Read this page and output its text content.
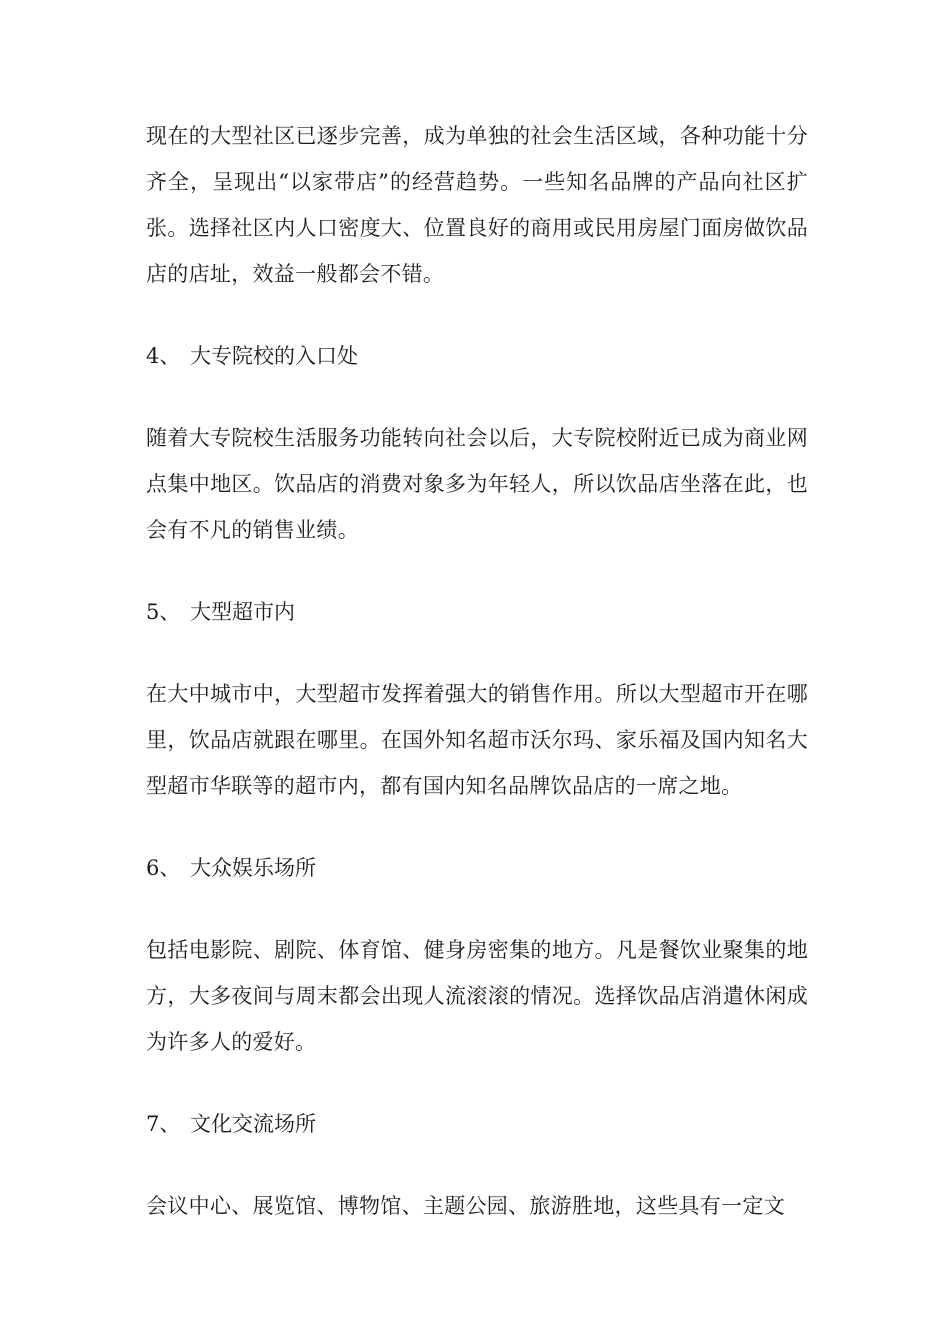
现在的大型社区已逐步完善，成为单独的社会生活区域，各种功能十分齐全，呈现出“以家带店”的经营趋势。一些知名品牌的产品向社区扩张。选择社区内人口密度大、位置良好的商用或民用房屋门面房做饮品店的店址，效益一般都会不错。

4、 大专院校的入口处

随着大专院校生活服务功能转向社会以后，大专院校附近已成为商业网点集中地区。饮品店的消费对象多为年轻人，所以饮品店坐落在此，也会有不凡的销售业绩。

5、 大型超市内

在大中城市中，大型超市发挥着强大的销售作用。所以大型超市开在哪里，饮品店就跟在哪里。在国外知名超市沃尔玛、家乐福及国内知名大型超市华联等的超市内，都有国内知名品牌饮品店的一席之地。

6、 大众娱乐场所

包括电影院、剧院、体育馆、健身房密集的地方。凡是餐饮业聚集的地方，大多夜间与周末都会出现人流滚滚的情况。选择饮品店消遣休闲成为许多人的爱好。

7、 文化交流场所

会议中心、展览馆、博物馆、主题公园、旅游胜地，这些具有一定文
